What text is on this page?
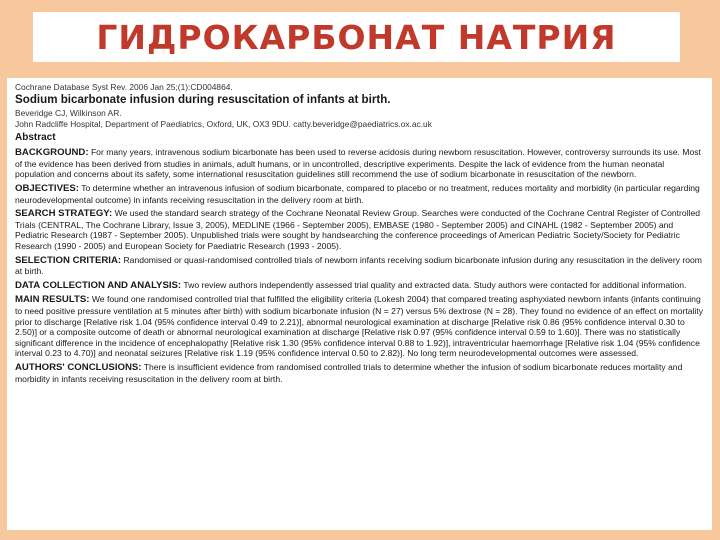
ГИДРОКАРБОНАТ НАТРИЯ
Cochrane Database Syst Rev. 2006 Jan 25;(1):CD004864.
Sodium bicarbonate infusion during resuscitation of infants at birth.
Beveridge CJ, Wilkinson AR.
John Radcliffe Hospital, Department of Paediatrics, Oxford, UK, OX3 9DU. catty.beveridge@paediatrics.ox.ac.uk
Abstract
BACKGROUND: For many years, intravenous sodium bicarbonate has been used to reverse acidosis during newborn resuscitation. However, controversy surrounds its use. Most of the evidence has been derived from studies in animals, adult humans, or in uncontrolled, descriptive experiments. Despite the lack of evidence from the human neonatal population and concerns about its safety, some international resuscitation guidelines still recommend the use of sodium bicarbonate in resuscitation of the newborn.
OBJECTIVES: To determine whether an intravenous infusion of sodium bicarbonate, compared to placebo or no treatment, reduces mortality and morbidity (in particular regarding neurodevelopmental outcome) in infants receiving resuscitation in the delivery room at birth.
SEARCH STRATEGY: We used the standard search strategy of the Cochrane Neonatal Review Group. Searches were conducted of the Cochrane Central Register of Controlled Trials (CENTRAL, The Cochrane Library, Issue 3, 2005), MEDLINE (1966 - September 2005), EMBASE (1980 - September 2005) and CINAHL (1982 - September 2005) and Pediatric Research (1987 - September 2005). Unpublished trials were sought by handsearching the conference proceedings of American Pediatric Society/Society for Pediatric Research (1990 - 2005) and European Society for Paediatric Research (1993 - 2005).
SELECTION CRITERIA: Randomised or quasi-randomised controlled trials of newborn infants receiving sodium bicarbonate infusion during any resuscitation in the delivery room at birth.
DATA COLLECTION AND ANALYSIS: Two review authors independently assessed trial quality and extracted data. Study authors were contacted for additional information.
MAIN RESULTS: We found one randomised controlled trial that fulfilled the eligibility criteria (Lokesh 2004) that compared treating asphyxiated newborn infants (infants continuing to need positive pressure ventilation at 5 minutes after birth) with sodium bicarbonate infusion (N = 27) versus 5% dextrose (N = 28). They found no evidence of an effect on mortality prior to discharge [Relative risk 1.04 (95% confidence interval 0.49 to 2.21)], abnormal neurological examination at discharge [Relative risk 0.86 (95% confidence interval 0.30 to 2.50)] or a composite outcome of death or abnormal neurological examination at discharge [Relative risk 0.97 (95% confidence interval 0.59 to 1.60)]. There was no statistically significant difference in the incidence of encephalopathy [Relative risk 1.30 (95% confidence interval 0.88 to 1.92)], intraventricular haemorrhage [Relative risk 1.04 (95% confidence interval 0.23 to 4.70)] and neonatal seizures [Relative risk 1.19 (95% confidence interval 0.50 to 2.82)]. No long term neurodevelopmental outcomes were assessed.
AUTHORS' CONCLUSIONS: There is insufficient evidence from randomised controlled trials to determine whether the infusion of sodium bicarbonate reduces mortality and morbidity in infants receiving resuscitation in the delivery room at birth.
